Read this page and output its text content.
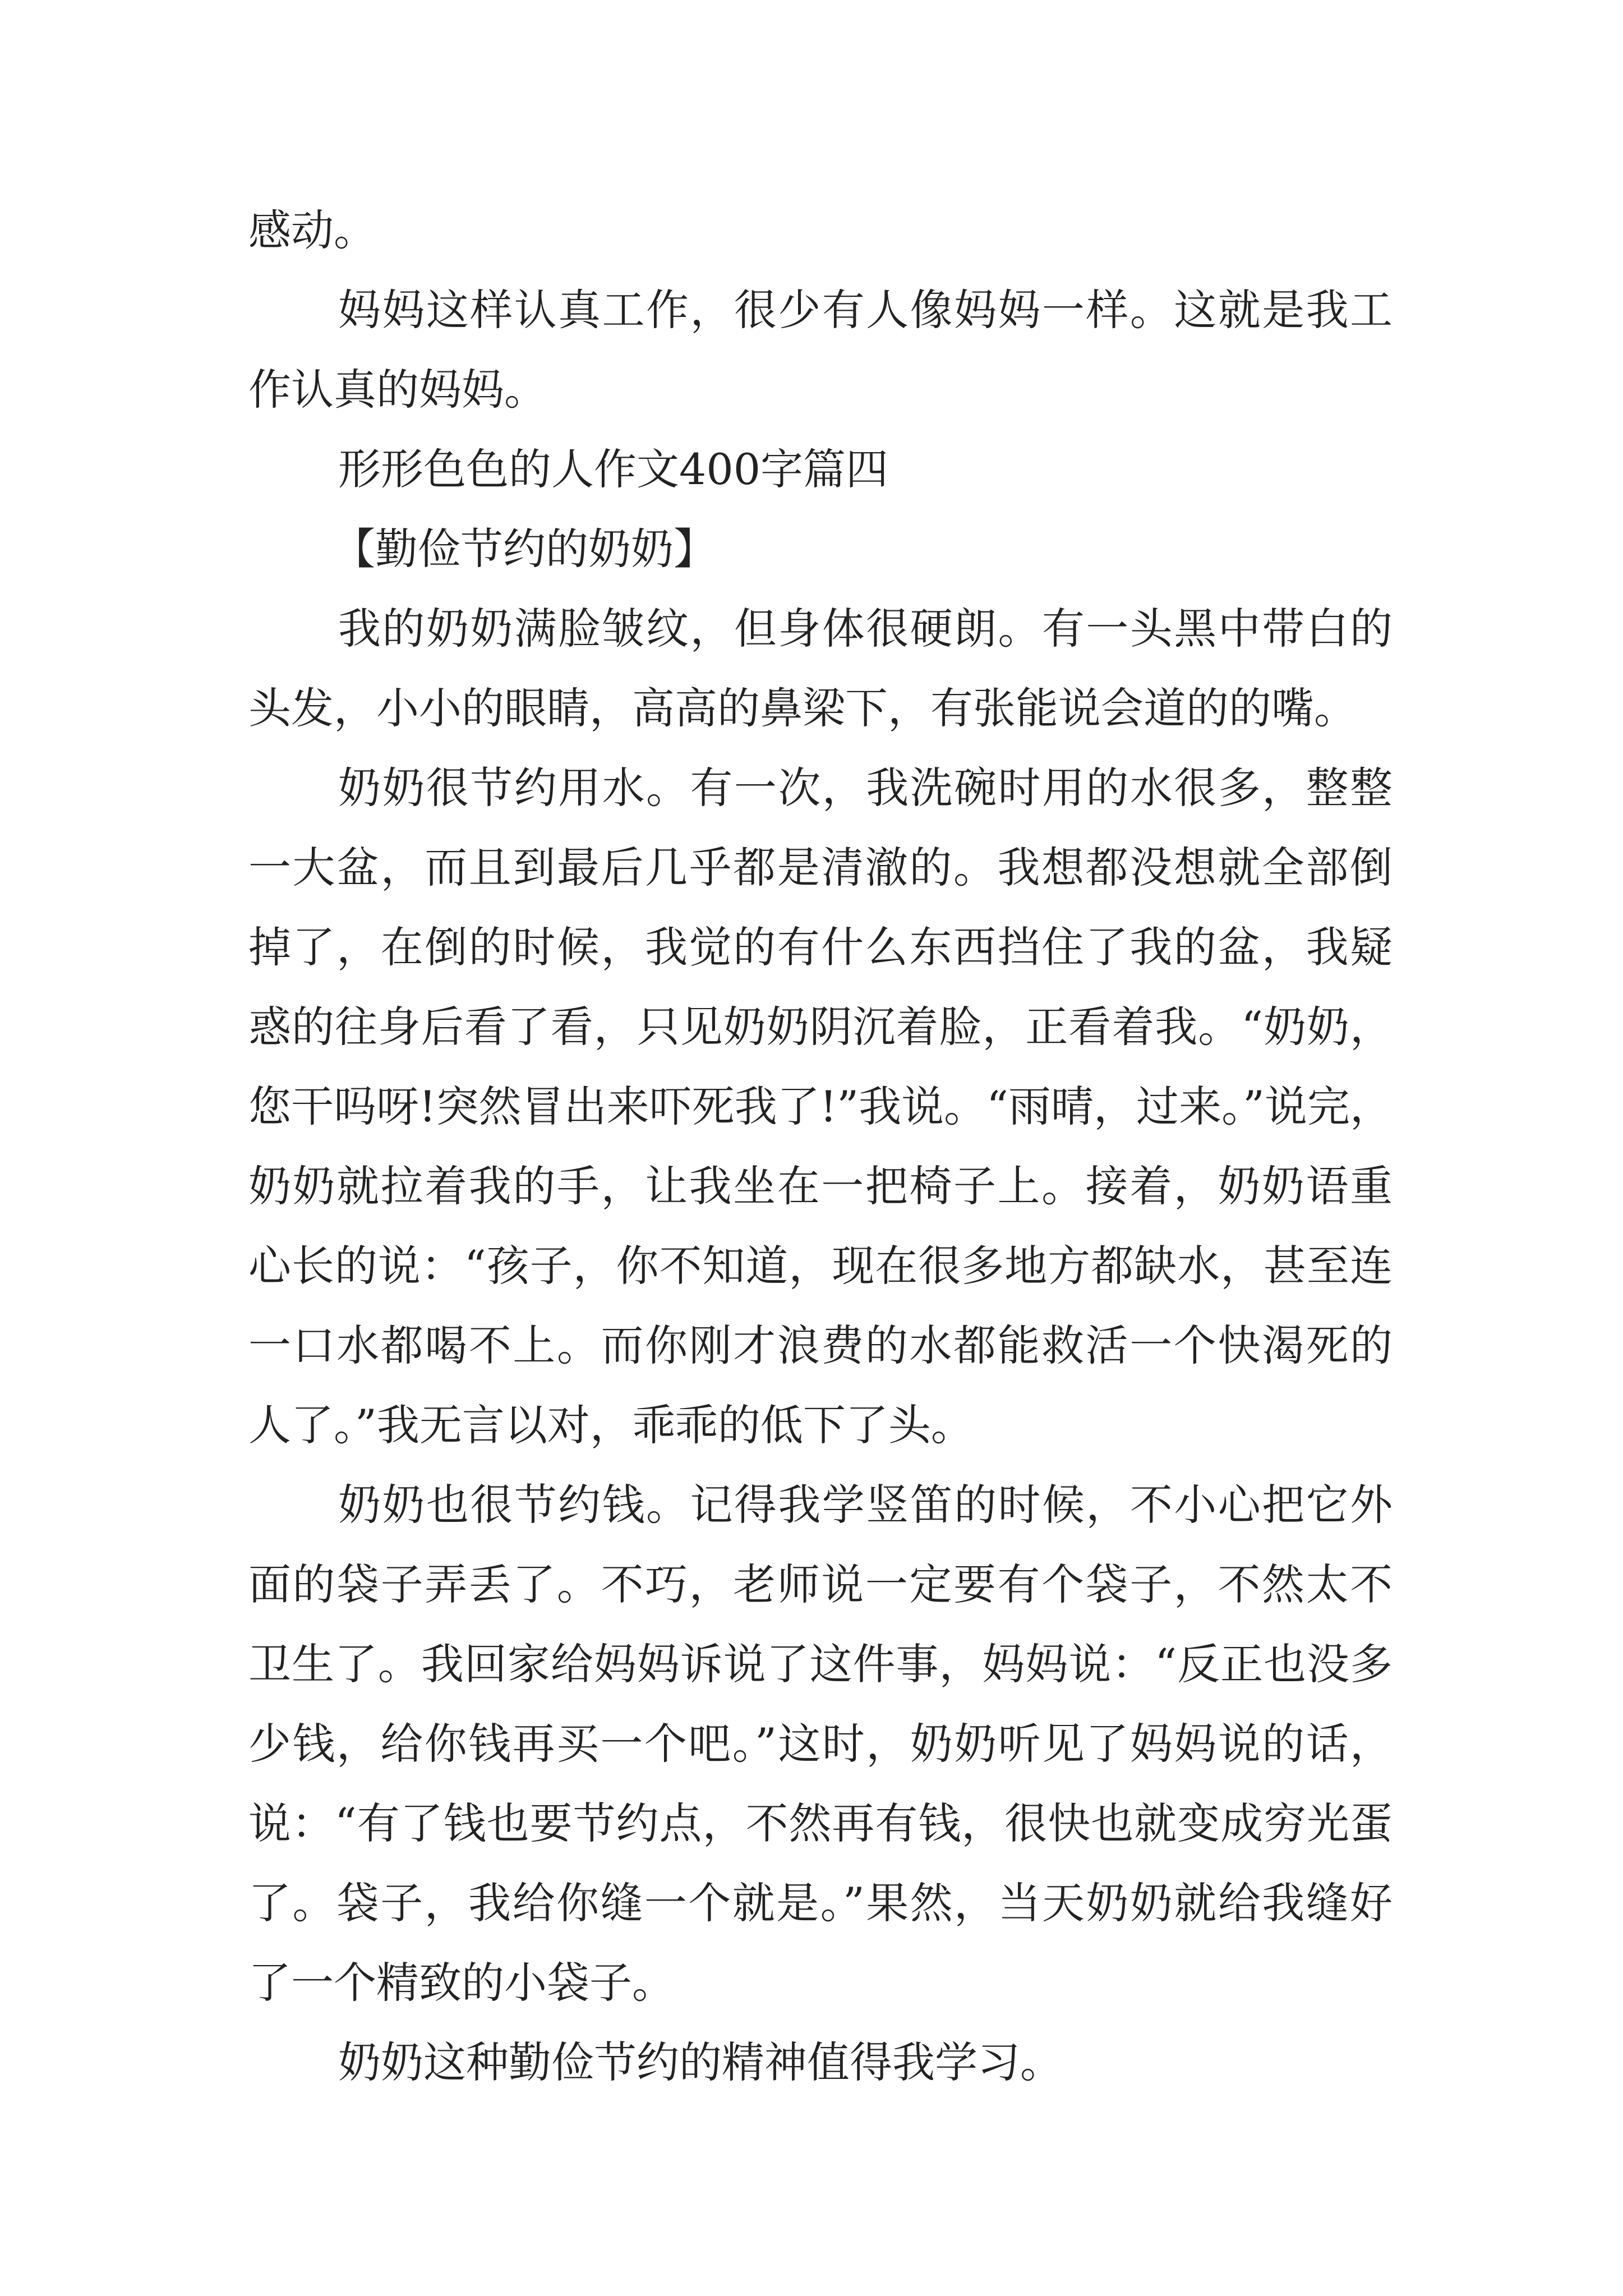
感动。

妈妈这样认真工作，很少有人像妈妈一样。这就是我工作认真的妈妈。

形形色色的人作文400字篇四

【勤俭节约的奶奶】

我的奶奶满脸皱纹，但身体很硬朗。有一头黑中带白的头发，小小的眼睛，高高的鼻梁下，有张能说会道的的嘴。

奶奶很节约用水。有一次，我洗碗时用的水很多，整整一大盆，而且到最后几乎都是清澈的。我想都没想就全部倒掉了，在倒的时候，我觉的有什么东西挡住了我的盆，我疑惑的往身后看了看，只见奶奶阴沉着脸，正看着我。“奶奶，您干吗呀!突然冒出来吓死我了!”我说。“雨晴，过来。”说完，奶奶就拉着我的手，让我坐在一把椅子上。接着，奶奶语重心长的说：“孩子，你不知道，现在很多地方都缺水，甚至连一口水都喝不上。而你刚才浪费的水都能救活一个快渴死的人了。”我无言以对，乖乖的低下了头。

奶奶也很节约钱。记得我学竖笛的时候，不小心把它外面的袋子弄丢了。不巧，老师说一定要有个袋子，不然太不卫生了。我回家给妈妈诉说了这件事，妈妈说：“反正也没多少钱，给你钱再买一个吧。”这时，奶奶听见了妈妈说的话，说：“有了钱也要节约点，不然再有钱，很快也就变成穷光蛋了。袋子，我给你缝一个就是。”果然，当天奶奶就给我缝好了一个精致的小袋子。

奶奶这种勤俭节约的精神值得我学习。
